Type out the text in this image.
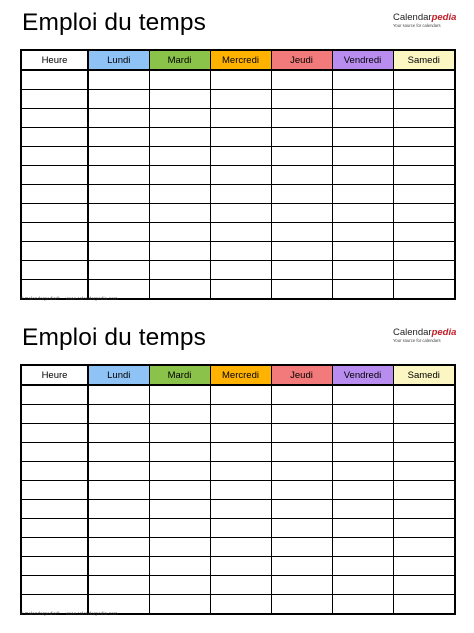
Emploi du temps	Calendarpedia
Your source for calendars
Heure	Lundi	Mardi	Mercredi	Jeudi	Vendredi	Samedi

© Calendarpedia® www.calendarpedia.com
Emploi du temps	Calendarpedia
Your source for calendars
Heure	Lundi	Mardi	Mercredi	Jeudi	Vendredi	Samedi

© Calendarpedia® www.calendarpedia.com
